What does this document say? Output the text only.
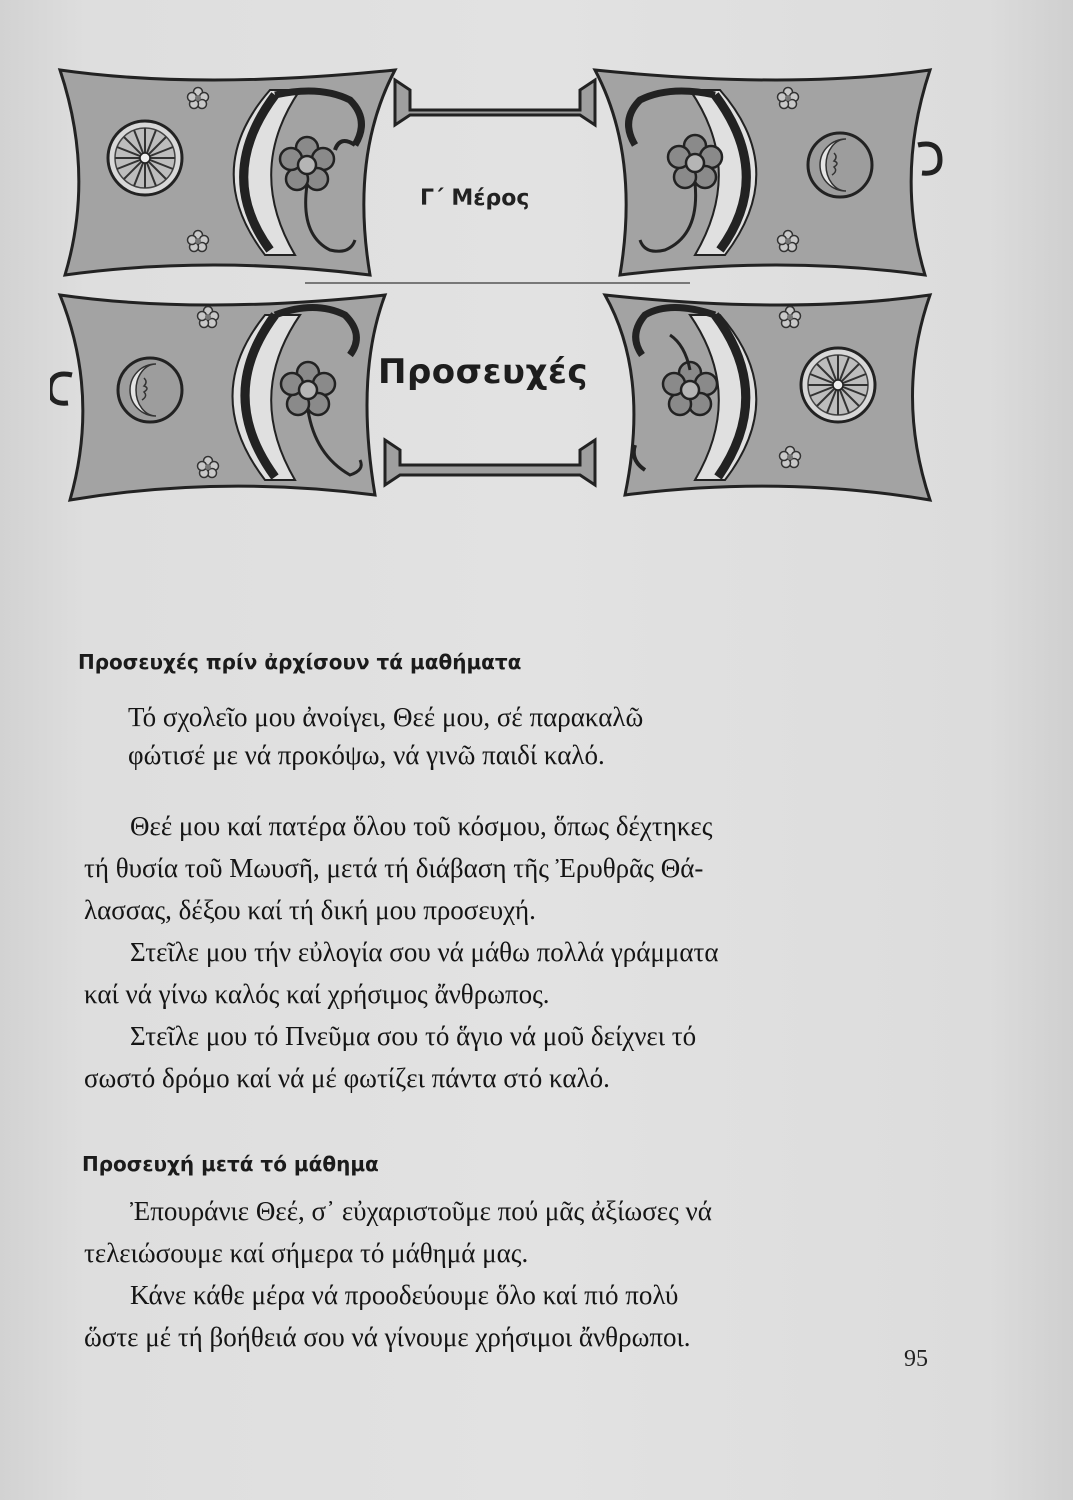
Γ΄ Μέρος
Προσευχές
Προσευχές πρίν ἀρχίσουν τά μαθήματα
Τό σχολεῖο μου ἀνοίγει, Θεέ μου, σέ παρακαλῶ
φώτισέ με νά προκόψω, νά γινῶ παιδί καλό.
Θεέ μου καί πατέρα ὅλου τοῦ κόσμου, ὅπως δέχτηκες
τή θυσία τοῦ Μωυσῆ, μετά τή διάβαση τῆς Ἐρυθρᾶς Θά-
λασσας, δέξου καί τή δική μου προσευχή.
Στεῖλε μου τήν εὐλογία σου νά μάθω πολλά γράμματα
καί νά γίνω καλός καί χρήσιμος ἄνθρωπος.
Στεῖλε μου τό Πνεῦμα σου τό ἅγιο νά μοῦ δείχνει τό
σωστό δρόμο καί νά μέ φωτίζει πάντα στό καλό.
Προσευχή μετά τό μάθημα
Ἐπουράνιε Θεέ, σ᾽ εὐχαριστοῦμε πού μᾶς ἀξίωσες νά
τελειώσουμε καί σήμερα τό μάθημά μας.
Κάνε κάθε μέρα νά προοδεύουμε ὅλο καί πιό πολύ
ὥστε μέ τή βοήθειά σου νά γίνουμε χρήσιμοι ἄνθρωποι.
95
